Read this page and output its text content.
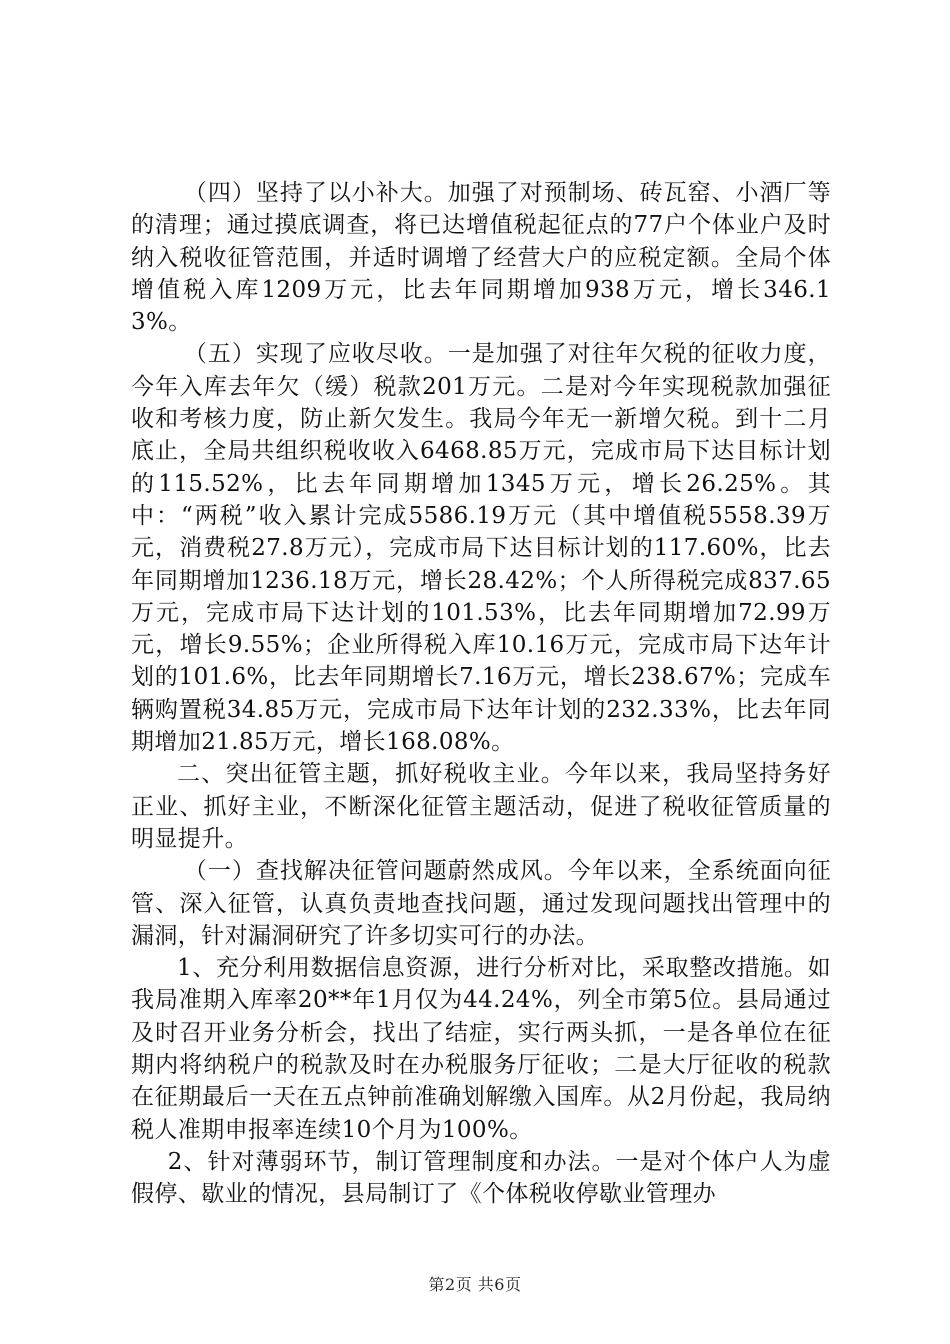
（四）坚持了以小补大。加强了对预制场、砖瓦窑、小酒厂等的清理；通过摸底调查，将已达增值税起征点的77户个体业户及时纳入税收征管范围，并适时调增了经营大户的应税定额。全局个体增值税入库1209万元，比去年同期增加938万元，增长346.13%。

（五）实现了应收尽收。一是加强了对往年欠税的征收力度，今年入库去年欠（缓）税款201万元。二是对今年实现税款加强征收和考核力度，防止新欠发生。我局今年无一新增欠税。到十二月底止，全局共组织税收收入6468.85万元，完成市局下达目标计划的115.52%，比去年同期增加1345万元，增长26.25%。其中：“两税”收入累计完成5586.19万元（其中增值税5558.39万元，消费税27.8万元），完成市局下达目标计划的117.60%，比去年同期增加1236.18万元，增长28.42%；个人所得税完成837.65万元，完成市局下达计划的101.53%，比去年同期增加72.99万元，增长9.55%；企业所得税入库10.16万元，完成市局下达年计划的101.6%，比去年同期增长7.16万元，增长238.67%；完成车辆购置税34.85万元，完成市局下达年计划的232.33%，比去年同期增加21.85万元，增长168.08%。

二、突出征管主题，抓好税收主业。今年以来，我局坚持务好正业、抓好主业，不断深化征管主题活动，促进了税收征管质量的明显提升。

（一）查找解决征管问题蔚然成风。今年以来，全系统面向征管、深入征管，认真负责地查找问题，通过发现问题找出管理中的漏洞，针对漏洞研究了许多切实可行的办法。

1、充分利用数据信息资源，进行分析对比，采取整改措施。如我局准期入库率20**年1月仅为44.24%，列全市第5位。县局通过及时召开业务分析会，找出了结症，实行两头抓，一是各单位在征期内将纳税户的税款及时在办税服务厅征收；二是大厅征收的税款在征期最后一天在五点钟前准确划解缴入国库。从2月份起，我局纳税人准期申报率连续10个月为100%。

2、针对薄弱环节，制订管理制度和办法。一是对个体户人为虚假停、歇业的情况，县局制订了《个体税收停歇业管理办

第2页 共6页
